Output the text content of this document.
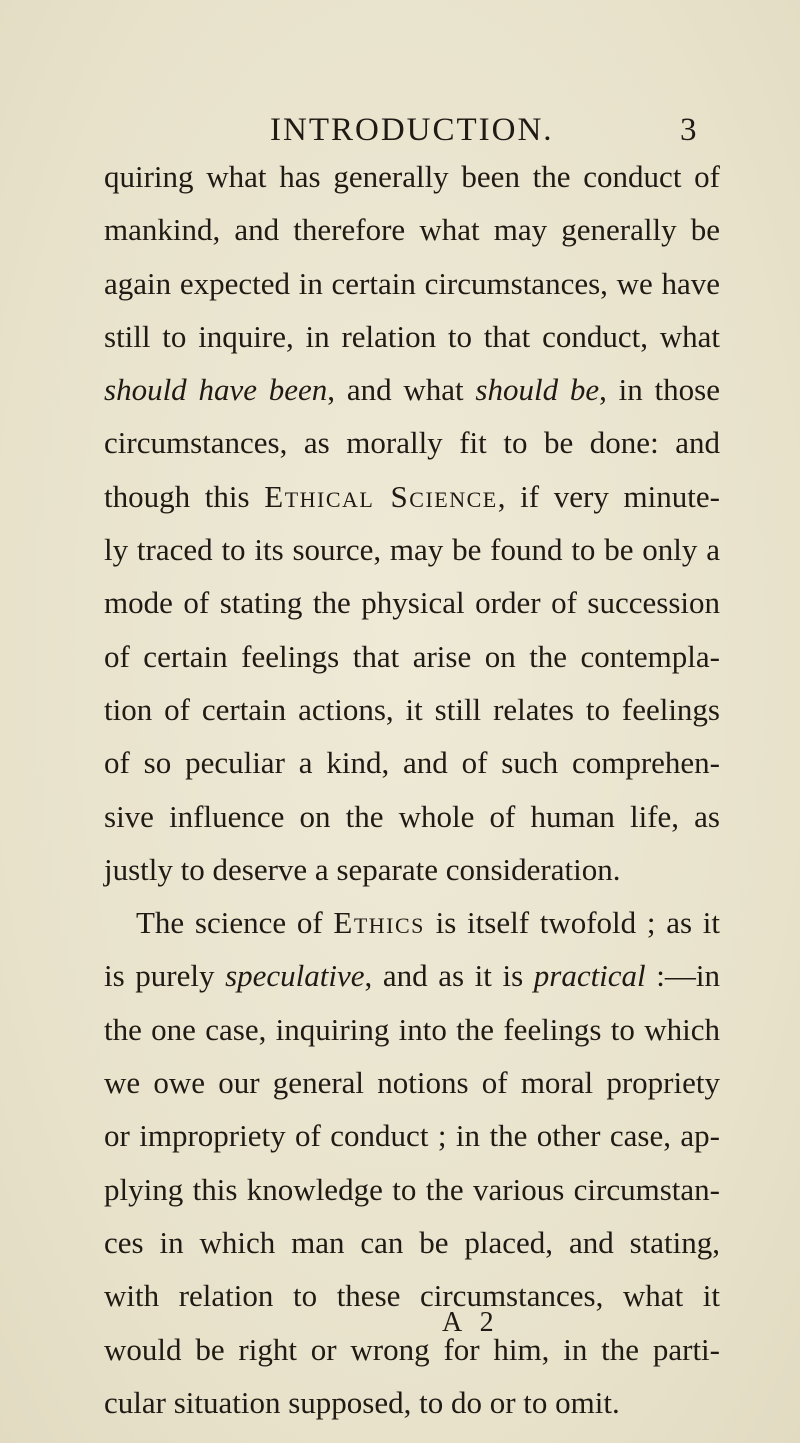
INTRODUCTION.	3
quiring what has generally been the conduct of
mankind, and therefore what may generally be
again expected in certain circumstances, we have
still to inquire, in relation to that conduct, what
should have been, and what should be, in those
circumstances, as morally fit to be done: and
though this Ethical Science, if very minute-
ly traced to its source, may be found to be only a
mode of stating the physical order of succession
of certain feelings that arise on the contempla-
tion of certain actions, it still relates to feelings
of so peculiar a kind, and of such comprehen-
sive influence on the whole of human life, as
justly to deserve a separate consideration.
The science of Ethics is itself twofold ; as it
is purely speculative, and as it is practical :—in
the one case, inquiring into the feelings to which
we owe our general notions of moral propriety
or impropriety of conduct ; in the other case, ap-
plying this knowledge to the various circumstan-
ces in which man can be placed, and stating,
with relation to these circumstances, what it
would be right or wrong for him, in the parti-
cular situation supposed, to do or to omit.
A 2
